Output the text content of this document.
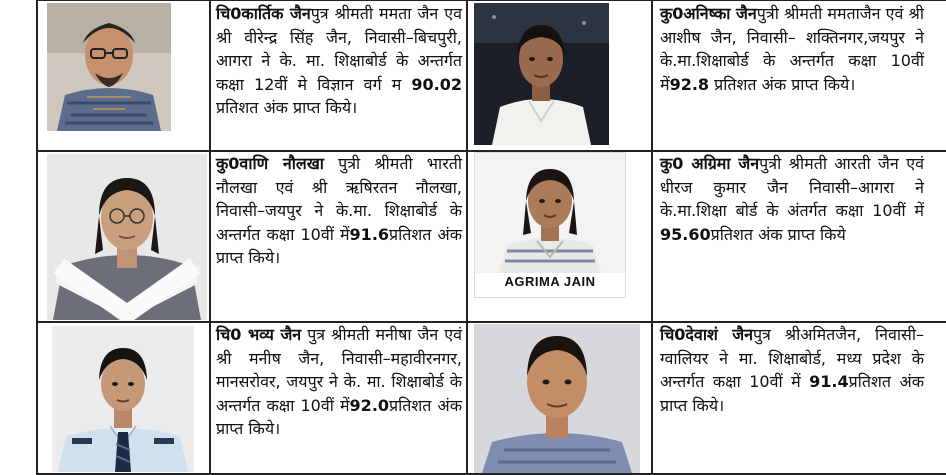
चि0कार्तिक जैनपुत्र श्रीमती ममता जैन एव श्री वीरेन्द्र सिंह जैन, निवासी–बिचपुरी, आगरा ने के. मा. शिक्षाबोर्ड के अन्तर्गत कक्षा 12वीं मे विज्ञान वर्ग म 90.02 प्रतिशत अंक प्राप्त किये।
कु0अनिष्का जैनपुत्री श्रीमती ममताजैन एवं श्री आशीष जैन, निवासी– शक्तिनगर,जयपुर ने के.मा.शिक्षाबोर्ड के अन्तर्गत कक्षा 10वीं में92.8 प्रतिशत अंक प्राप्त किये।
कु0वाणि नौलखा पुत्री श्रीमती भारती नौलखा एवं श्री ऋषिरतन नौलखा, निवासी–जयपुर ने के.मा. शिक्षाबोर्ड के अन्तर्गत कक्षा 10वीं में91.6प्रतिशत अंक प्राप्त किये।
AGRIMA JAIN
कु0 अग्रिमा जैनपुत्री श्रीमती आरती जैन एवं धीरज कुमार जैन निवासी–आगरा ने के.मा.शिक्षा बोर्ड के अंतर्गत कक्षा 10वीं में 95.60प्रतिशत अंक प्राप्त किये
चि0 भव्य जैन पुत्र श्रीमती मनीषा जैन एवं श्री मनीष जैन, निवासी–महावीरनगर, मानसरोवर, जयपुर ने के. मा. शिक्षाबोर्ड के अन्तर्गत कक्षा 10वीं में92.0प्रतिशत अंक प्राप्त किये।
चि0देवाशं जैनपुत्र श्रीअमितजैन, निवासी–ग्वालियर ने मा. शिक्षाबोर्ड, मध्य प्रदेश के अन्तर्गत कक्षा 10वीं में 91.4प्रतिशत अंक प्राप्त किये।
